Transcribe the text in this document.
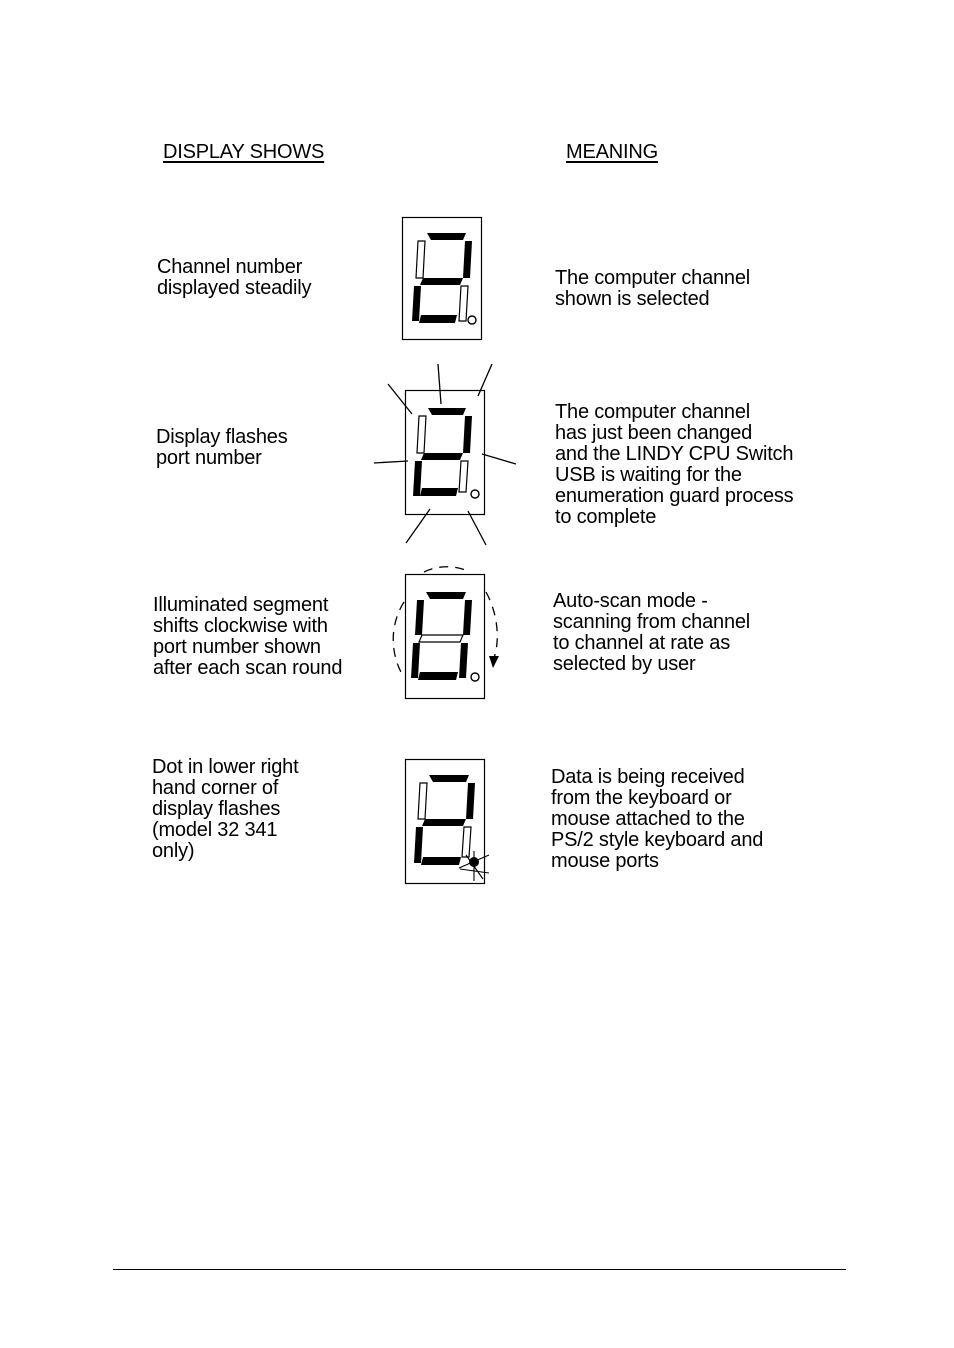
DISPLAY SHOWS	MEANING
Channel number
displayed steadily	The computer channel
shown is selected
Display flashes
port number
The computer channel
has just been changed
and the LINDY CPU Switch
USB is waiting for the
enumeration guard process
to complete
Illuminated segment
shifts clockwise with
port number shown
after each scan round
Auto-scan mode -
scanning from channel
to channel at rate as
selected by user
Dot in lower right
hand corner of
display flashes
(model 32 341
only)
Data is being received
from the keyboard or
mouse attached to the
PS/2 style keyboard and
mouse ports
